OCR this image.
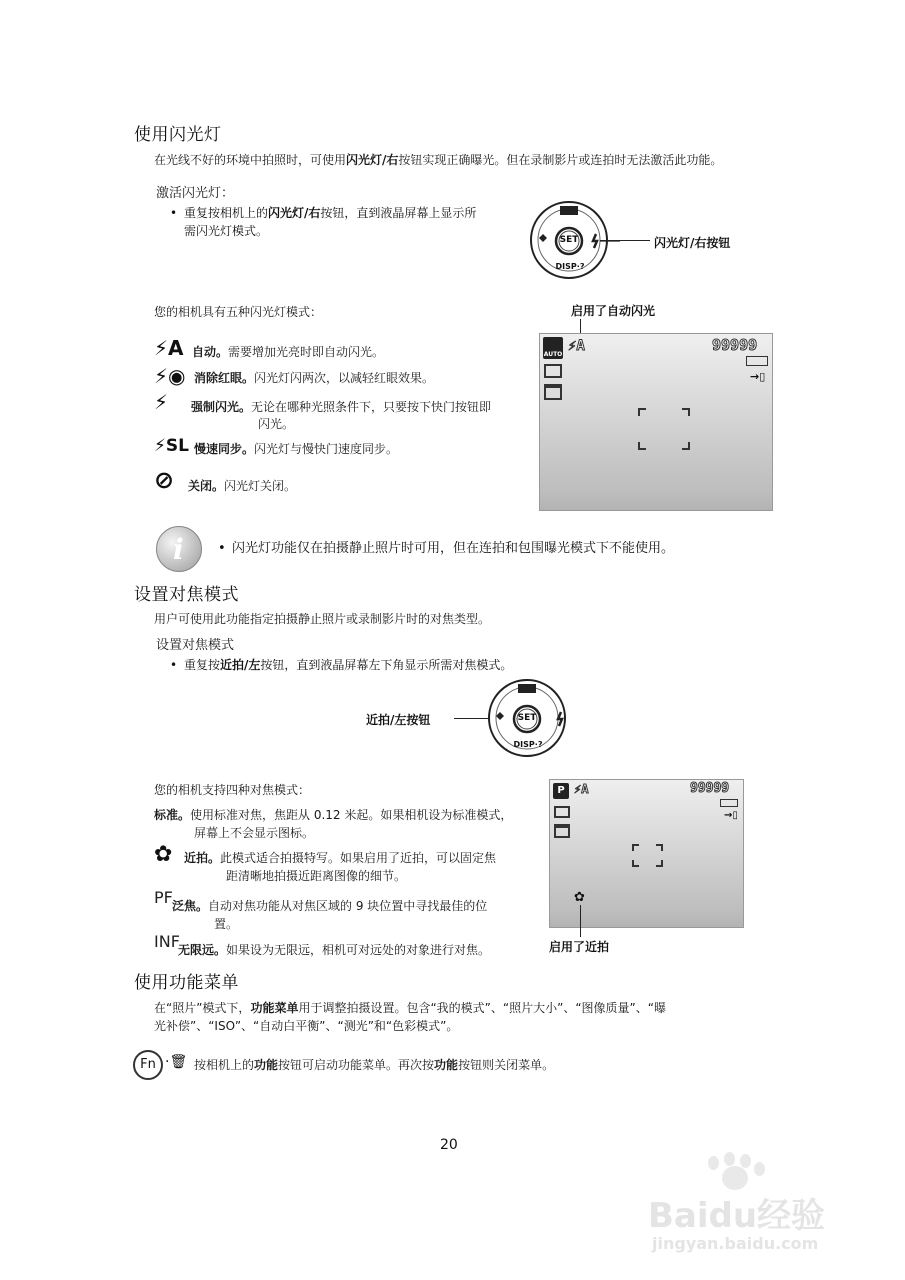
使用闪光灯
在光线不好的环境中拍照时，可使用闪光灯/右按钮实现正确曝光。但在录制影片或连拍时无法激活此功能。
激活闪光灯：
• 重复按相机上的闪光灯/右按钮，直到液晶屏幕上显示所
需闪光灯模式。
SET
DISP·?
闪光灯/右按钮
您的相机具有五种闪光灯模式：
⚡A 自动。需要增加光亮时即自动闪光。
⚡◉ 消除红眼。闪光灯闪两次，以减轻红眼效果。
⚡ 强制闪光。无论在哪种光照条件下，只要按下快门按钮即
闪光。
⚡SL 慢速同步。闪光灯与慢快门速度同步。
⊘ 关闭。闪光灯关闭。
启用了自动闪光
AUTO
⚡A	99999
→▯
i
•	闪光灯功能仅在拍摄静止照片时可用，但在连拍和包围曝光模式下不能使用。
设置对焦模式
用户可使用此功能指定拍摄静止照片或录制影片时的对焦类型。
设置对焦模式
• 重复按近拍/左按钮，直到液晶屏幕左下角显示所需对焦模式。
近拍/左按钮	SET
DISP·?
您的相机支持四种对焦模式：
标准。使用标准对焦，焦距从 0.12 米起。如果相机设为标准模式，
屏幕上不会显示图标。
✿ 近拍。此模式适合拍摄特写。如果启用了近拍，可以固定焦
距清晰地拍摄近距离图像的细节。
PF 泛焦。自动对焦功能从对焦区域的 9 块位置中寻找最佳的位
置。
INF
无限远。如果设为无限远，相机可对远处的对象进行对焦。
P ⚡A	99999
→▯
✿
启用了近拍
使用功能菜单
在“照片”模式下，功能菜单用于调整拍摄设置。包含“我的模式”、“照片大小”、“图像质量”、“曝
光补偿”、“ISO”、“自动白平衡”、“测光”和“色彩模式”。
Fn ·🗑 按相机上的功能按钮可启动功能菜单。再次按功能按钮则关闭菜单。
20
Baidu经验
jingyan.baidu.com
